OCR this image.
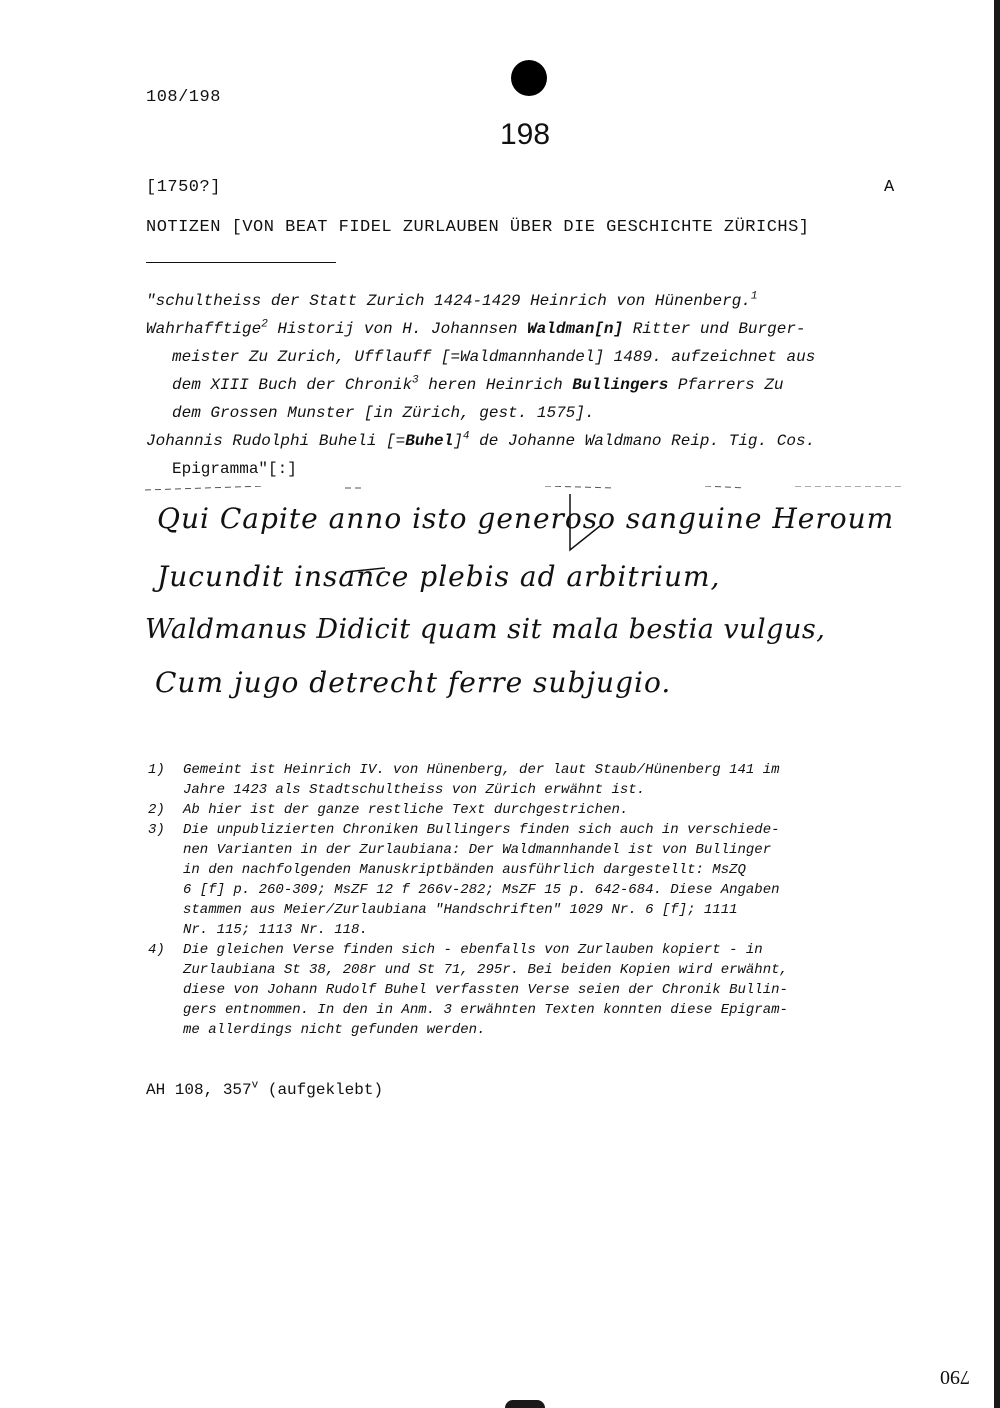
108/198
198
[1750?]	A
NOTIZEN [VON BEAT FIDEL ZURLAUBEN ÜBER DIE GESCHICHTE ZÜRICHS]
"schultheiss der Statt Zurich 1424-1429 Heinrich von Hünenberg.$^1$
Wahrhafftige$^2$ Historij von H. Johannsen Waldman[n] Ritter und Burger-
meister Zu Zurich, Ufflauff [=Waldmannhandel] 1489. aufzeichnet aus
dem XIII Buch der Chronik$^3$ heren Heinrich Bullingers Pfarrers Zu
dem Grossen Munster [in Zürich, gest. 1575].
Johannis Rudolphi Buheli [=Buhel]$^4$ de Johanne Waldmano Reip. Tig. Cos.
Epigramma"[:]
Qui Capite anno isto generoso sanguine Heroum
Jucundit insance plebis ad arbitrium,
Waldmanus Didicit quam sit mala bestia vulgus,
Cum jugo detrecht ferre subjugio.
1) Gemeint ist Heinrich IV. von Hünenberg, der laut Staub/Hünenberg 141 im
Jahre 1423 als Stadtschultheiss von Zürich erwähnt ist.
2) Ab hier ist der ganze restliche Text durchgestrichen.
3) Die unpublizierten Chroniken Bullingers finden sich auch in verschiede-
nen Varianten in der Zurlaubiana: Der Waldmannhandel ist von Bullinger
in den nachfolgenden Manuskriptbänden ausführlich dargestellt: MsZQ
6 [f] p. 260-309; MsZF 12 f 266v-282; MsZF 15 p. 642-684. Diese Angaben
stammen aus Meier/Zurlaubiana "Handschriften" 1029 Nr. 6 [f]; 1111
Nr. 115; 1113 Nr. 118.
4) Die gleichen Verse finden sich - ebenfalls von Zurlauben kopiert - in
Zurlaubiana St 38, 208r und St 71, 295r. Bei beiden Kopien wird erwähnt,
diese von Johann Rudolf Buhel verfassten Verse seien der Chronik Bullin-
gers entnommen. In den in Anm. 3 erwähnten Texten konnten diese Epigram-
me allerdings nicht gefunden werden.
AH 108, 357$^v$ (aufgeklebt)
790
